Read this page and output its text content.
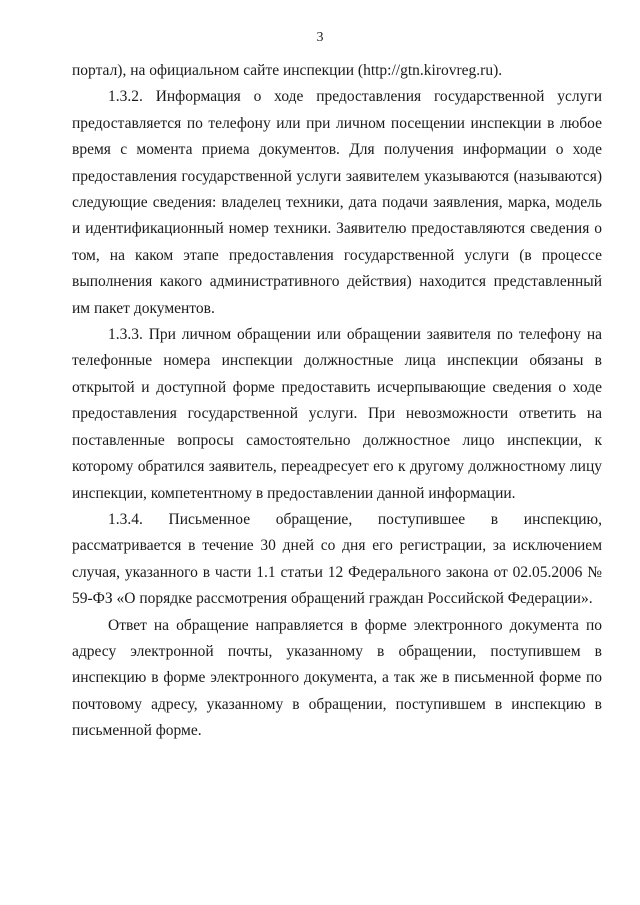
3

портал), на официальном сайте инспекции (http://gtn.kirovreg.ru).

1.3.2. Информация о ходе предоставления государственной услуги предоставляется по телефону или при личном посещении инспекции в любое время с момента приема документов. Для получения информации о ходе предоставления государственной услуги заявителем указываются (называются) следующие сведения: владелец техники, дата подачи заявления, марка, модель и идентификационный номер техники. Заявителю предоставляются сведения о том, на каком этапе предоставления государственной услуги (в процессе выполнения какого административного действия) находится представленный им пакет документов.

1.3.3. При личном обращении или обращении заявителя по телефону на телефонные номера инспекции должностные лица инспекции обязаны в открытой и доступной форме предоставить исчерпывающие сведения о ходе предоставления государственной услуги. При невозможности ответить на поставленные вопросы самостоятельно должностное лицо инспекции, к которому обратился заявитель, переадресует его к другому должностному лицу инспекции, компетентному в предоставлении данной информации.

1.3.4. Письменное обращение, поступившее в инспекцию, рассматривается в течение 30 дней со дня его регистрации, за исключением случая, указанного в части 1.1 статьи 12 Федерального закона от 02.05.2006 № 59-ФЗ «О порядке рассмотрения обращений граждан Российской Федерации».

Ответ на обращение направляется в форме электронного документа по адресу электронной почты, указанному в обращении, поступившем в инспекцию в форме электронного документа, а так же в письменной форме по почтовому адресу, указанному в обращении, поступившем в инспекцию в письменной форме.
